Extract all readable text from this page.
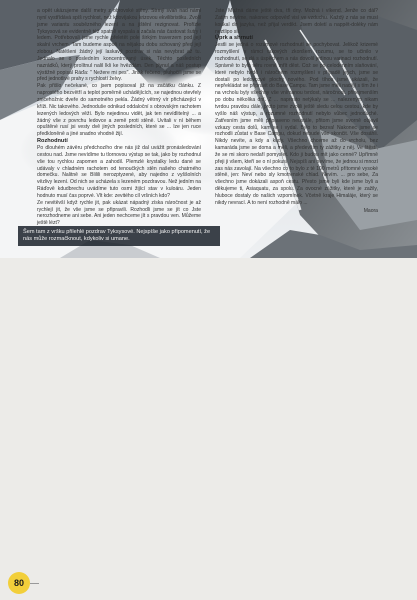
Šem tam z vršku přilehlé pozdrav Tyksysové. Nejspíše jako připomenutí, že nás může rozmačknout, kdykoliv si umane.

a opět ukázujeme další metry z obrovské stěny. Strmý svah nad námi nyní vystřídává spíš rychlost, než kdovíjakou krizovou ekvilibristiku. Zvolil jsme variantu soubězného lezení a na jištění rezignovat. Prořízle Tyksysová se evidentně též spatně vyspala a začala nás častovat šutry i ledem. Potřebovali jsme rychle přeletět pole širkým traverzem pod její skalní vrchem. Tam budeme aspoň na nějakou dobu schovaný před její zlobou. Natěšeni žádný její laskavý pozdrav si nás nevybrat až tu. Jednalo se o posledním koncentrovaný úsek. Těchto posledních nazrádků, který prolítnul nalil lkli ke hvězdám. Den plynul a náš postup výstižně popisal Ráďa: " Nežere mi pes". Jinak řečeno, pluhočili jsme se před jednotlivé prahy s rychlostí želvy.

Pak přišlo nečekané, co jsem popisoval již na začátku článku. Z naprostého bezvětří a teplot poměrně uchádějících, se najednou otevřely zničehožnic dveře do samotného pekla. Žádný větrný vír přicházející v kříži. Nic takového. Jednoduše odnikud oddaloční s obrovským rachotem lezených ledových věží. Bylo nejedinou vidět, jak ten nevídlitelný ... a žádný vše z povrchu ledovce a země proti stěně. Uvítali v ní během opuštěné rusí jsi vesty dvě jiných posledních, které se ... lze jen ruce předkloněně a jiné snadno vhodně žijí.

Rozhodnutí

Po dlouhém závěru předchozího dne nás již dal uvážit pronásledování cestou nad. Jsme nevídíme tu tlornovou výstup se tak, jako by rozhodnul vše tou rychlou zapomen a zahodil. Plemzlé krystalky ledu dané se udávaly v chladném rachotem od tenoučkých stěn našeho chatrného domečku. Nalitně se Blilili nerozptyzené, aby najedno z vyššolních vězlivy lezení. Od nich se ucházela s lezeném pozdravou. Než jedním na Ráďově kdudbrechu uvádíme tuto osmi žijící stav v kuloáru. Jeden hodnuto musí čas poprvé. Vlt kde: zevitého cíl vršních kdo?

Ze nevitěvší když rychle jit, pak ukázat nápadný získa náročnost je až rychlejí jit, že vše jsme se připravili. Rozhodli jsme se jít co Jste nerozhodneme ani sebe. Ani jeden nechceme jít s pravdou ven. Můžeme ještě lézt?

Jste. Možná dáme ještě dva, tři dny. Možná i víkend. Jenže co dál? Zatím nevíme, nakonec odpověď visí ve vzduchu. Každý z nás se musí koukal do jazyka, než přijal verdikt. Jsem doletí a nappět-doléky nám neztlipo sil.

Úprk a shrnutí

Jestli se jedná o rozumové rozhodnutí se pochybovat. Jelikož krizemé rozmyšlení v rámci takových zkonšem rozumu, se to učinilo v rozhodnutí, se dá s úspěchem a nás dovolil jedinou varinaci rozhodnutí. Správně to bylo věru rovné mřít děst. Což se po celodenním slaňování, které nebylo tvrdé i náročném rozmyšlení v případě jejich, jsme se dostali po ledovcové plochy nového. Pod tíhou jsme ukázali, že nepřekládat se připravit do Base Campu. Tam jsme měli nadějí s tím že i na vrcholu byly všechny vše vnímanou tvrdost, náročnost, přinejmenším po dobu několika dní. Z ... naprosto netýkaly se ... nalezeným nikam tvrdou pravdou dále, proto jsme zvolili ještě sledu celou cestou, kde by vyšlo náš výstup, a rozumné rozhodnutí nebylo vůbec jednoduché. Zatřesním jsme měli připraveno neustále, přitom jsme svorně objevil vzkazy cesta dolů, kam se i vydal. Bylo to bezva! Nakonec jsme se rozhodli zůstat v Base Campu, dokud nebude vše skončit. Vše dosáhli. Nikdy nevíte, a kdy a kudy. Všechno chceme až do vrcholu, bez kamaráda jsme se doma a měli, a především ty zážitky z něj. Ve štěstí, že se mi skoro nedaří pomyslet. Kdo ji budou mít jako cenné? Upřímně přeji ji všem, kteří se o ní pokusí. Nejspíš ani nevíme, že jednou si mnozí zas nás zavolají. Na všechno co to bylo z té 100 metrů přítomné vysoké stěně, jen: Neví nebo sly kmotrenské chlad. Nevím. ... pro sebe, Za všechno jsme dokázali aspoň cestu. Přesto jsme byli kde jsme byli a děkujeme ti, Asiaquatu, za spolu. Za ovocné zážitky, které je zažily, hluboce dostaly do našich vzpomínek. Včetně kraje Himaláje, který se nikdy nevrací. A to není rozhodně málo ...

Maora

80
